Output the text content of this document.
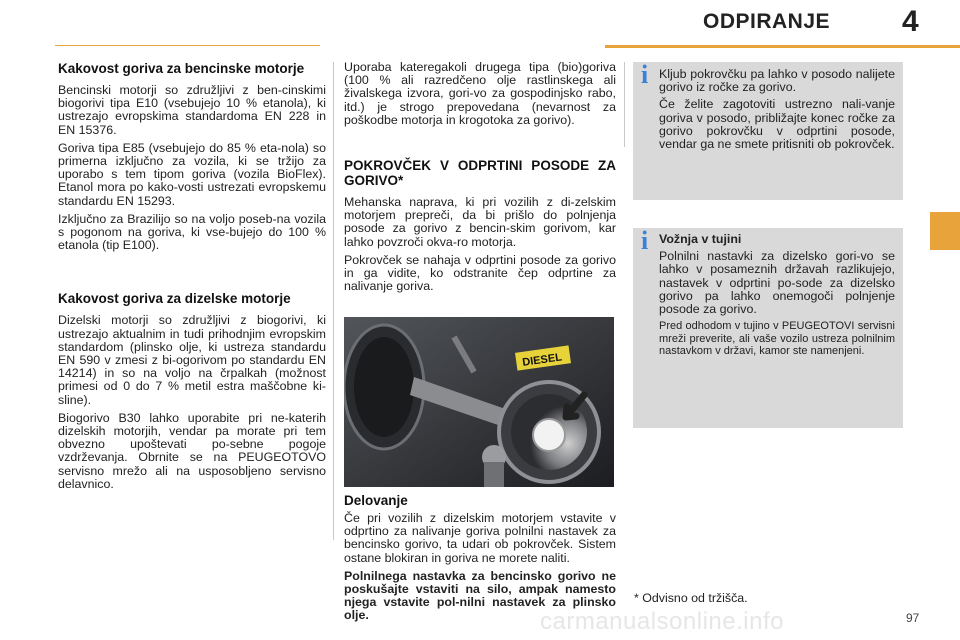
ODPIRANJE 4
Kakovost goriva za bencinske motorje

Bencinski motorji so združljivi z ben-cinskimi biogorivi tipa E10 (vsebujejo 10 % etanola), ki ustrezajo evropskima standardoma EN 228 in EN 15376.

Goriva tipa E85 (vsebujejo do 85 % eta-nola) so primerna izključno za vozila, ki se tržijo za uporabo s tem tipom goriva (vozila BioFlex). Etanol mora po kako-vosti ustrezati evropskemu standardu EN 15293.

Izključno za Brazilijo so na voljo poseb-na vozila s pogonom na goriva, ki vse-bujejo do 100 % etanola (tip E100).

Kakovost goriva za dizelske motorje

Dizelski motorji so združljivi z biogorivi, ki ustrezajo aktualnim in tudi prihodnjim evropskim standardom (plinsko olje, ki ustreza standardu EN 590 v zmesi z bi-ogorivom po standardu EN 14214) in so na voljo na črpalkah (možnost primesi od 0 do 7 % metil estra maščobne ki-sline).

Biogorivo B30 lahko uporabite pri ne-katerih dizelskih motorjih, vendar pa morate pri tem obvezno upoštevati po-sebne pogoje vzdrževanja. Obrnite se na PEUGEOTOVO servisno mrežo ali na usposobljeno servisno delavnico.

Uporaba kateregakoli drugega tipa (bio)goriva (100 % ali razredčeno olje rastlinskega ali živalskega izvora, gori-vo za gospodinjsko rabo, itd.) je strogo prepovedana (nevarnost za poškodbe motorja in krogotoka za gorivo).

POKROVČEK V ODPRTINI POSODE ZA GORIVO*

Mehanska naprava, ki pri vozilih z di-zelskim motorjem prepreči, da bi prišlo do polnjenja posode za gorivo z bencin-skim gorivom, kar lahko povzroči okva-ro motorja.

Pokrovček se nahaja v odprtini posode za gorivo in ga vidite, ko odstranite čep odprtine za nalivanje goriva.

DIESEL
Delovanje

Če pri vozilih z dizelskim motorjem vstavite v odprtino za nalivanje goriva polnilni nastavek za bencinsko gorivo, ta udari ob pokrovček. Sistem ostane blokiran in goriva ne morete naliti.

Polnilnega nastavka za bencinsko gorivo ne poskušajte vstaviti na silo, ampak namesto njega vstavite pol-nilni nastavek za plinsko olje.

i Kljub pokrovčku pa lahko v posodo nalijete gorivo iz ročke za gorivo.

Če želite zagotoviti ustrezno nali-vanje goriva v posodo, približajte konec ročke za gorivo pokrovčku v odprtini posode, vendar ga ne smete pritisniti ob pokrovček.

i Vožnja v tujini

Polnilni nastavki za dizelsko gori-vo se lahko v posameznih državah razlikujejo, nastavek v odprtini po-sode za dizelsko gorivo pa lahko onemogoči polnjenje posode za gorivo.

Pred odhodom v tujino v PEUGEOTOVI servisni mreži preverite, ali vaše vozilo ustreza polnilnim nastavkom v državi, kamor ste namenjeni.

carmanualsonline.info
* Odvisno od tržišča.
97
